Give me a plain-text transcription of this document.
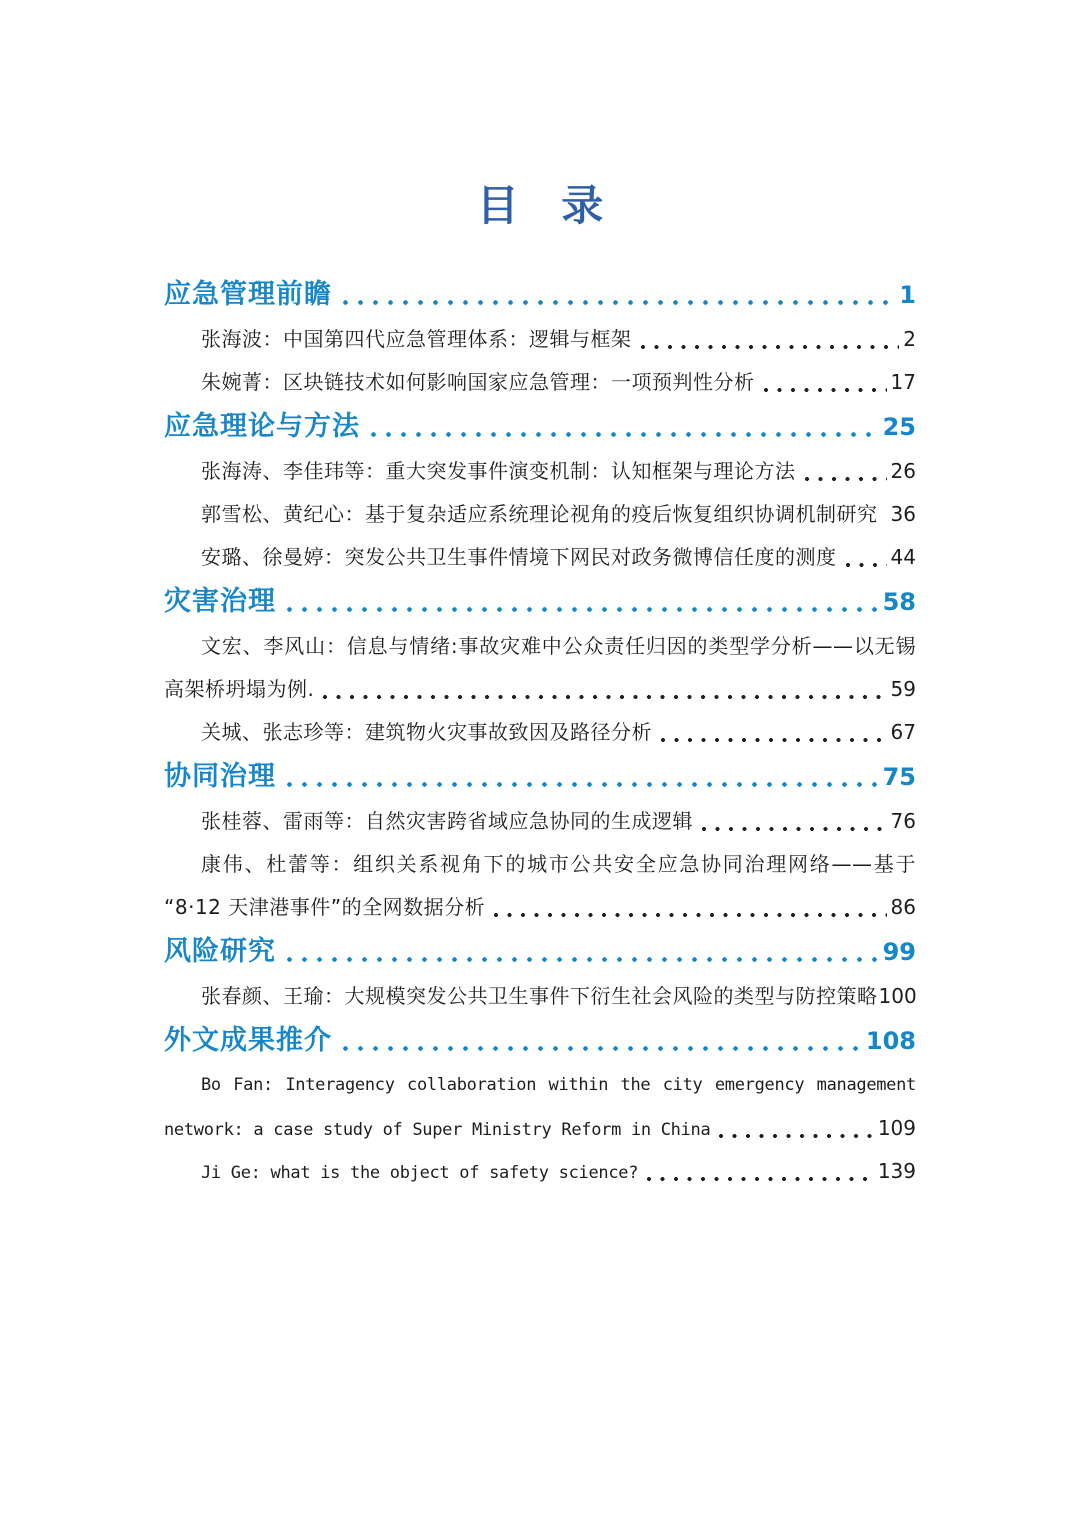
目 录
应急管理前瞻	1
张海波：中国第四代应急管理体系：逻辑与框架	2
朱婉菁：区块链技术如何影响国家应急管理：一项预判性分析	17
应急理论与方法	25
张海涛、李佳玮等：重大突发事件演变机制：认知框架与理论方法	26
郭雪松、黄纪心：基于复杂适应系统理论视角的疫后恢复组织协调机制研究 36
安璐、徐曼婷：突发公共卫生事件情境下网民对政务微博信任度的测度	44
灾害治理	58
文宏、李风山：信息与情绪:事故灾难中公众责任归因的类型学分析——以无锡
高架桥坍塌为例.	59
关城、张志珍等：建筑物火灾事故致因及路径分析	67
协同治理	75
张桂蓉、雷雨等：自然灾害跨省域应急协同的生成逻辑	76
康伟、杜蕾等：组织关系视角下的城市公共安全应急协同治理网络——基于
“8·12 天津港事件”的全网数据分析	86
风险研究	99
张春颜、王瑜：大规模突发公共卫生事件下衍生社会风险的类型与防控策略 100
外文成果推介	108
Bo Fan: Interagency collaboration within the city emergency management
network: a case study of Super Ministry Reform in China	109
Ji Ge: what is the object of safety science?	139
